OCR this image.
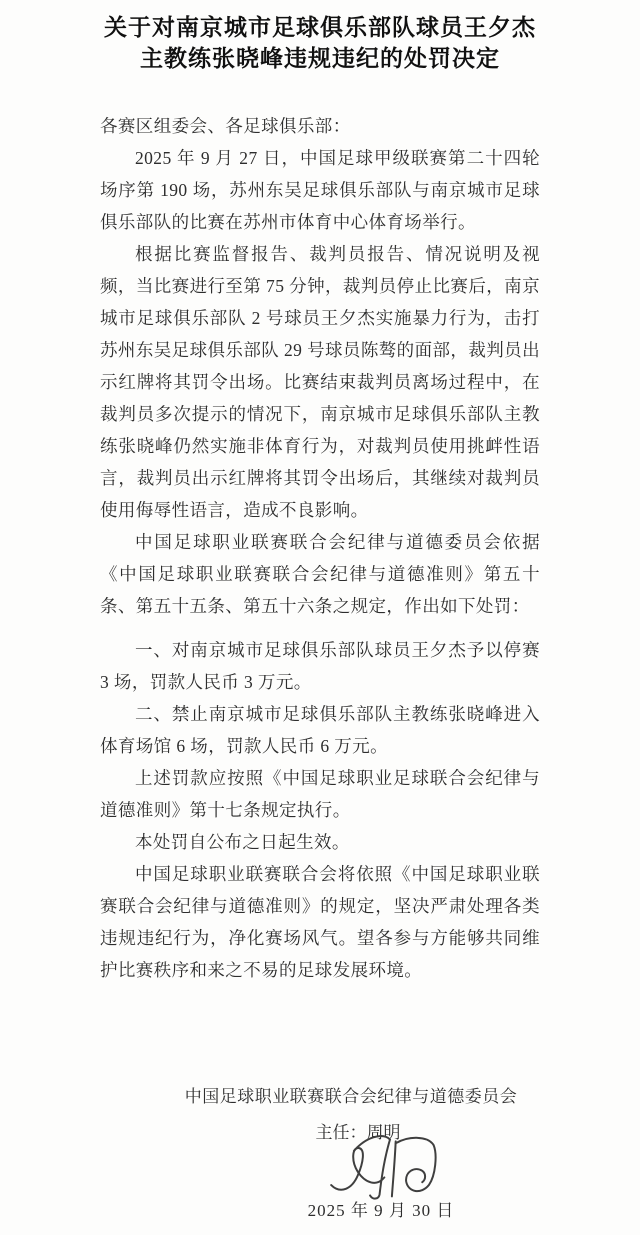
关于对南京城市足球俱乐部队球员王夕杰
主教练张晓峰违规违纪的处罚决定

各赛区组委会、各足球俱乐部：

2025 年 9 月 27 日，中国足球甲级联赛第二十四轮场序第 190 场，苏州东吴足球俱乐部队与南京城市足球俱乐部队的比赛在苏州市体育中心体育场举行。

根据比赛监督报告、裁判员报告、情况说明及视频，当比赛进行至第 75 分钟，裁判员停止比赛后，南京城市足球俱乐部队 2 号球员王夕杰实施暴力行为，击打苏州东吴足球俱乐部队 29 号球员陈骜的面部，裁判员出示红牌将其罚令出场。比赛结束裁判员离场过程中，在裁判员多次提示的情况下，南京城市足球俱乐部队主教练张晓峰仍然实施非体育行为，对裁判员使用挑衅性语言，裁判员出示红牌将其罚令出场后，其继续对裁判员使用侮辱性语言，造成不良影响。

中国足球职业联赛联合会纪律与道德委员会依据《中国足球职业联赛联合会纪律与道德准则》第五十条、第五十五条、第五十六条之规定，作出如下处罚：

一、对南京城市足球俱乐部队球员王夕杰予以停赛 3 场，罚款人民币 3 万元。

二、禁止南京城市足球俱乐部队主教练张晓峰进入体育场馆 6 场，罚款人民币 6 万元。

上述罚款应按照《中国足球职业足球联合会纪律与道德准则》第十七条规定执行。

本处罚自公布之日起生效。

中国足球职业联赛联合会将依照《中国足球职业联赛联合会纪律与道德准则》的规定，坚决严肃处理各类违规违纪行为，净化赛场风气。望各参与方能够共同维护比赛秩序和来之不易的足球发展环境。

中国足球职业联赛联合会纪律与道德委员会

主任：周明

2025 年 9 月 30 日
